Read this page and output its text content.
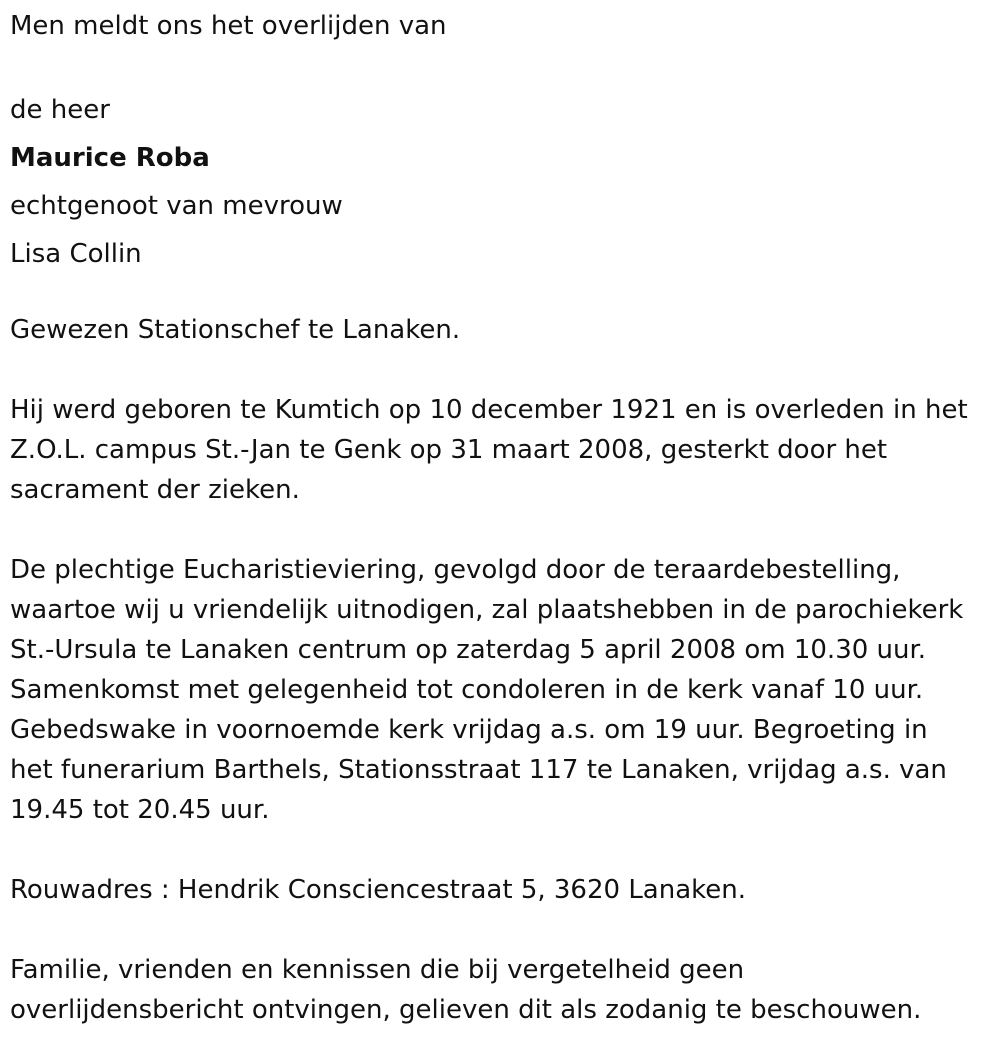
Men meldt ons het overlijden van
de heer
Maurice Roba
echtgenoot van mevrouw
Lisa Collin
Gewezen Stationschef te Lanaken.
Hij werd geboren te Kumtich op 10 december 1921 en is overleden in het
Z.O.L. campus St.-Jan te Genk op 31 maart 2008, gesterkt door het
sacrament der zieken.
De plechtige Eucharistieviering, gevolgd door de teraardebestelling,
waartoe wij u vriendelijk uitnodigen, zal plaatshebben in de parochiekerk
St.-Ursula te Lanaken centrum op zaterdag 5 april 2008 om 10.30 uur.
Samenkomst met gelegenheid tot condoleren in de kerk vanaf 10 uur.
Gebedswake in voornoemde kerk vrijdag a.s. om 19 uur. Begroeting in
het funerarium Barthels, Stationsstraat 117 te Lanaken, vrijdag a.s. van
19.45 tot 20.45 uur.
Rouwadres : Hendrik Consciencestraat 5, 3620 Lanaken.
Familie, vrienden en kennissen die bij vergetelheid geen
overlijdensbericht ontvingen, gelieven dit als zodanig te beschouwen.
